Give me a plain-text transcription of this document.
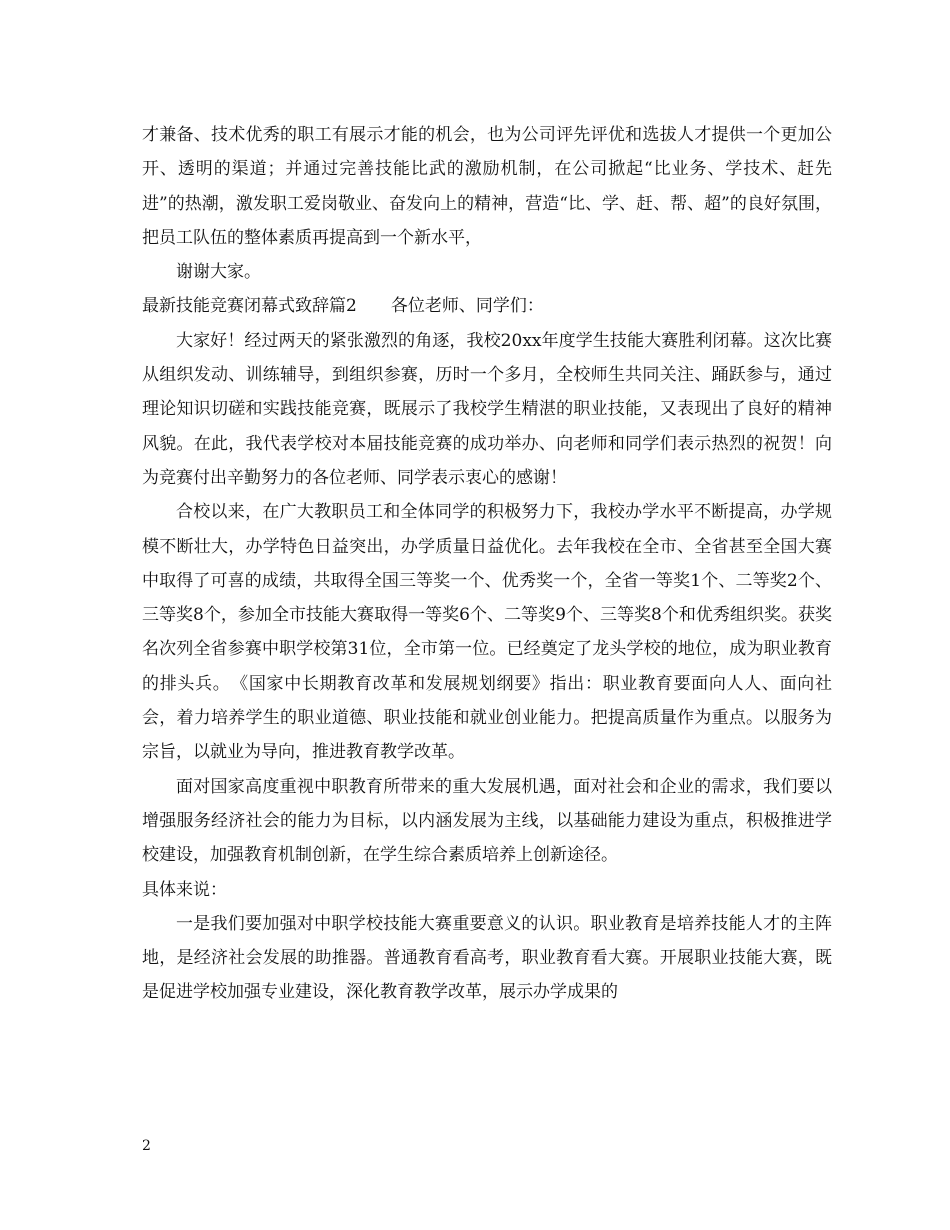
才兼备、技术优秀的职工有展示才能的机会，也为公司评先评优和选拔人才提供一个更加公开、透明的渠道；并通过完善技能比武的激励机制，在公司掀起“比业务、学技术、赶先进”的热潮，激发职工爱岗敬业、奋发向上的精神，营造“比、学、赶、帮、超”的良好氛围，把员工队伍的整体素质再提高到一个新水平，

谢谢大家。

最新技能竞赛闭幕式致辞篇2　　各位老师、同学们：

大家好！经过两天的紧张激烈的角逐，我校20xx年度学生技能大赛胜利闭幕。这次比赛从组织发动、训练辅导，到组织参赛，历时一个多月，全校师生共同关注、踊跃参与，通过理论知识切磋和实践技能竞赛，既展示了我校学生精湛的职业技能，又表现出了良好的精神风貌。在此，我代表学校对本届技能竞赛的成功举办、向老师和同学们表示热烈的祝贺！向为竞赛付出辛勤努力的各位老师、同学表示衷心的感谢！

合校以来，在广大教职员工和全体同学的积极努力下，我校办学水平不断提高，办学规模不断壮大，办学特色日益突出，办学质量日益优化。去年我校在全市、全省甚至全国大赛中取得了可喜的成绩，共取得全国三等奖一个、优秀奖一个，全省一等奖1个、二等奖2个、三等奖8个，参加全市技能大赛取得一等奖6个、二等奖9个、三等奖8个和优秀组织奖。获奖名次列全省参赛中职学校第31位，全市第一位。已经奠定了龙头学校的地位，成为职业教育的排头兵。　《国家中长期教育改革和发展规划纲要》指出：职业教育要面向人人、面向社会，着力培养学生的职业道德、职业技能和就业创业能力。把提高质量作为重点。以服务为宗旨，以就业为导向，推进教育教学改革。

面对国家高度重视中职教育所带来的重大发展机遇，面对社会和企业的需求，我们要以增强服务经济社会的能力为目标，以内涵发展为主线，以基础能力建设为重点，积极推进学校建设，加强教育机制创新，在学生综合素质培养上创新途径。

具体来说：

一是我们要加强对中职学校技能大赛重要意义的认识。职业教育是培养技能人才的主阵地，是经济社会发展的助推器。普通教育看高考，职业教育看大赛。开展职业技能大赛，既是促进学校加强专业建设，深化教育教学改革，展示办学成果的

2
